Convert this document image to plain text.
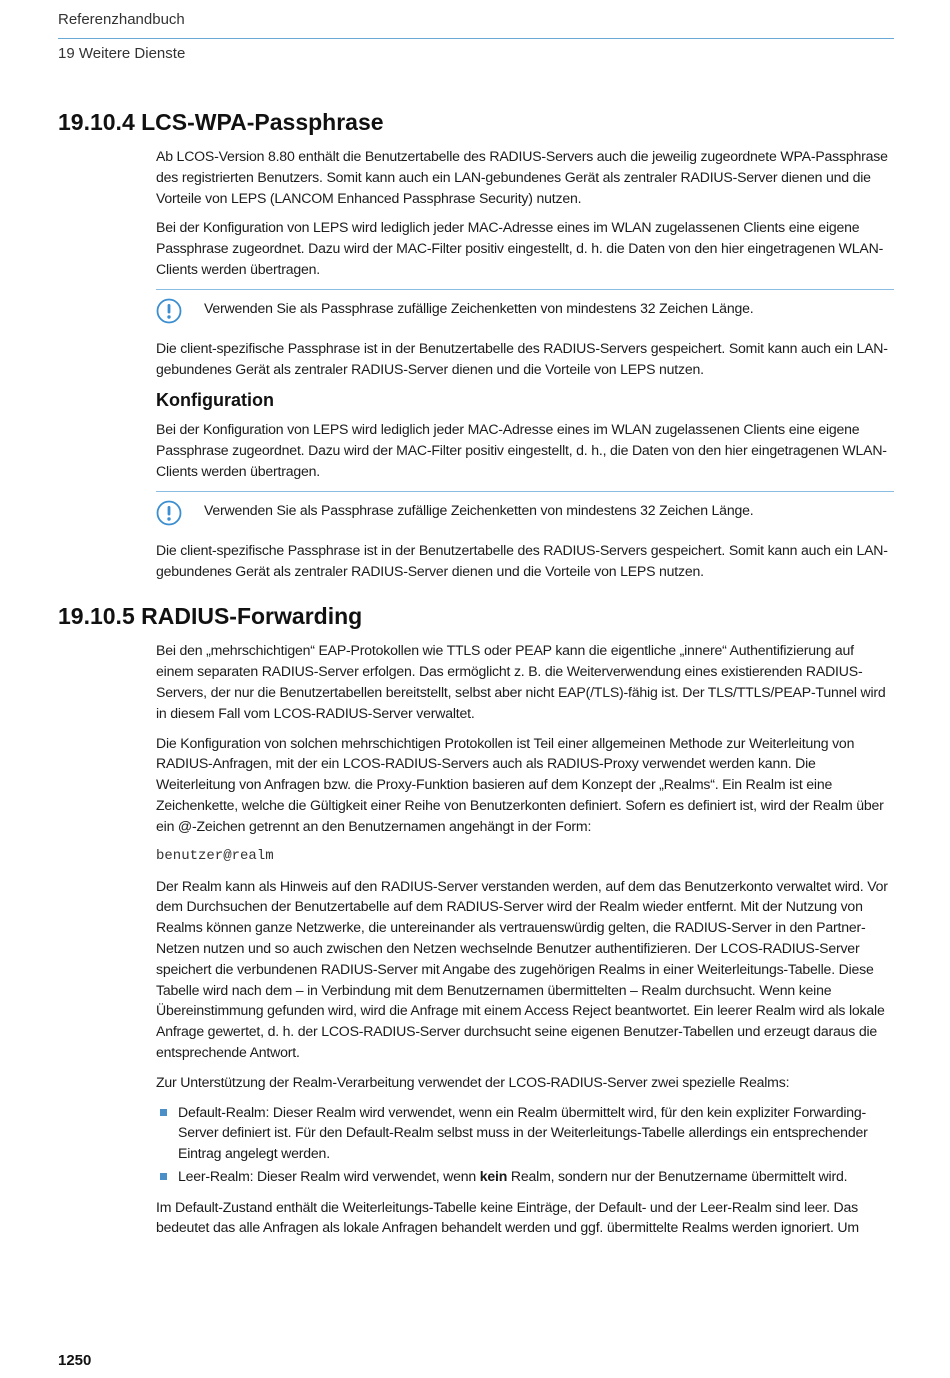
Referenzhandbuch
19 Weitere Dienste
19.10.4 LCS-WPA-Passphrase

Ab LCOS-Version 8.80 enthält die Benutzertabelle des RADIUS-Servers auch die jeweilig zugeordnete WPA-Passphrase des registrierten Benutzers. Somit kann auch ein LAN-gebundenes Gerät als zentraler RADIUS-Server dienen und die Vorteile von LEPS (LANCOM Enhanced Passphrase Security) nutzen.

Bei der Konfiguration von LEPS wird lediglich jeder MAC-Adresse eines im WLAN zugelassenen Clients eine eigene Passphrase zugeordnet. Dazu wird der MAC-Filter positiv eingestellt, d. h. die Daten von den hier eingetragenen WLAN-Clients werden übertragen.

Verwenden Sie als Passphrase zufällige Zeichenketten von mindestens 32 Zeichen Länge.

Die client-spezifische Passphrase ist in der Benutzertabelle des RADIUS-Servers gespeichert. Somit kann auch ein LAN-gebundenes Gerät als zentraler RADIUS-Server dienen und die Vorteile von LEPS nutzen.

Konfiguration

Bei der Konfiguration von LEPS wird lediglich jeder MAC-Adresse eines im WLAN zugelassenen Clients eine eigene Passphrase zugeordnet. Dazu wird der MAC-Filter positiv eingestellt, d. h., die Daten von den hier eingetragenen WLAN-Clients werden übertragen.

Verwenden Sie als Passphrase zufällige Zeichenketten von mindestens 32 Zeichen Länge.

Die client-spezifische Passphrase ist in der Benutzertabelle des RADIUS-Servers gespeichert. Somit kann auch ein LAN-gebundenes Gerät als zentraler RADIUS-Server dienen und die Vorteile von LEPS nutzen.

19.10.5 RADIUS-Forwarding

Bei den „mehrschichtigen“ EAP-Protokollen wie TTLS oder PEAP kann die eigentliche „innere“ Authentifizierung auf einem separaten RADIUS-Server erfolgen. Das ermöglicht z. B. die Weiterverwendung eines existierenden RADIUS-Servers, der nur die Benutzertabellen bereitstellt, selbst aber nicht EAP(/TLS)-fähig ist. Der TLS/TTLS/PEAP-Tunnel wird in diesem Fall vom LCOS-RADIUS-Server verwaltet.

Die Konfiguration von solchen mehrschichtigen Protokollen ist Teil einer allgemeinen Methode zur Weiterleitung von RADIUS-Anfragen, mit der ein LCOS-RADIUS-Servers auch als RADIUS-Proxy verwendet werden kann. Die Weiterleitung von Anfragen bzw. die Proxy-Funktion basieren auf dem Konzept der „Realms“. Ein Realm ist eine Zeichenkette, welche die Gültigkeit einer Reihe von Benutzerkonten definiert. Sofern es definiert ist, wird der Realm über ein @-Zeichen getrennt an den Benutzernamen angehängt in der Form:

benutzer@realm

Der Realm kann als Hinweis auf den RADIUS-Server verstanden werden, auf dem das Benutzerkonto verwaltet wird. Vor dem Durchsuchen der Benutzertabelle auf dem RADIUS-Server wird der Realm wieder entfernt. Mit der Nutzung von Realms können ganze Netzwerke, die untereinander als vertrauenswürdig gelten, die RADIUS-Server in den Partner-Netzen nutzen und so auch zwischen den Netzen wechselnde Benutzer authentifizieren. Der LCOS-RADIUS-Server speichert die verbundenen RADIUS-Server mit Angabe des zugehörigen Realms in einer Weiterleitungs-Tabelle. Diese Tabelle wird nach dem – in Verbindung mit dem Benutzernamen übermittelten – Realm durchsucht. Wenn keine Übereinstimmung gefunden wird, wird die Anfrage mit einem Access Reject beantwortet. Ein leerer Realm wird als lokale Anfrage gewertet, d. h. der LCOS-RADIUS-Server durchsucht seine eigenen Benutzer-Tabellen und erzeugt daraus die entsprechende Antwort.

Zur Unterstützung der Realm-Verarbeitung verwendet der LCOS-RADIUS-Server zwei spezielle Realms:

Default-Realm: Dieser Realm wird verwendet, wenn ein Realm übermittelt wird, für den kein expliziter Forwarding-Server definiert ist. Für den Default-Realm selbst muss in der Weiterleitungs-Tabelle allerdings ein entsprechender Eintrag angelegt werden.
Leer-Realm: Dieser Realm wird verwendet, wenn kein Realm, sondern nur der Benutzername übermittelt wird.

Im Default-Zustand enthält die Weiterleitungs-Tabelle keine Einträge, der Default- und der Leer-Realm sind leer. Das bedeutet das alle Anfragen als lokale Anfragen behandelt werden und ggf. übermittelte Realms werden ignoriert. Um

1250
